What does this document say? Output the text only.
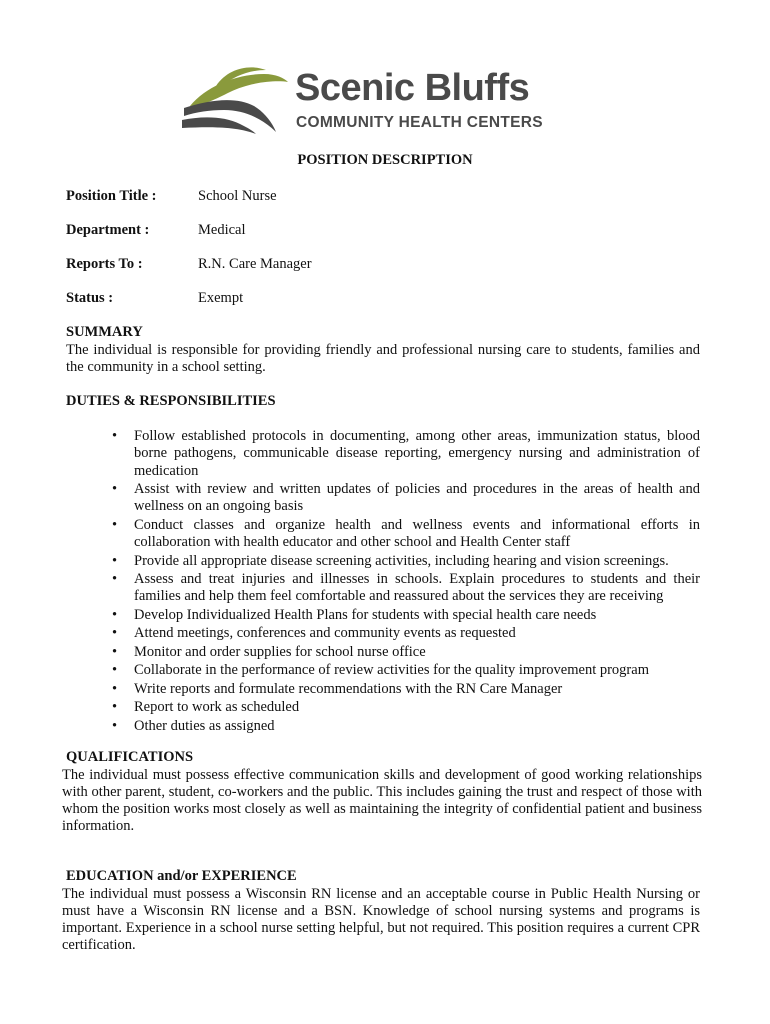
Scenic Bluffs
COMMUNITY HEALTH CENTERS
POSITION DESCRIPTION
Position Title :	School Nurse
Department :	Medical
Reports To :	R.N. Care Manager
Status :	Exempt
SUMMARY
The individual is responsible for providing friendly and professional nursing care to students, families and the community in a school setting.
DUTIES & RESPONSIBILITIES
• Follow established protocols in documenting, among other areas, immunization status, blood borne pathogens, communicable disease reporting, emergency nursing and administration of medication
• Assist with review and written updates of policies and procedures in the areas of health and wellness on an ongoing basis
• Conduct classes and organize health and wellness events and informational efforts in collaboration with health educator and other school and Health Center staff
• Provide all appropriate disease screening activities, including hearing and vision screenings.
• Assess and treat injuries and illnesses in schools. Explain procedures to students and their families and help them feel comfortable and reassured about the services they are receiving
• Develop Individualized Health Plans for students with special health care needs
• Attend meetings, conferences and community events as requested
• Monitor and order supplies for school nurse office
• Collaborate in the performance of review activities for the quality improvement program
• Write reports and formulate recommendations with the RN Care Manager
• Report to work as scheduled
• Other duties as assigned
QUALIFICATIONS
The individual must possess effective communication skills and development of good working relationships with other parent, student, co-workers and the public. This includes gaining the trust and respect of those with whom the position works most closely as well as maintaining the integrity of confidential patient and business information.
EDUCATION and/or EXPERIENCE
The individual must possess a Wisconsin RN license and an acceptable course in Public Health Nursing or must have a Wisconsin RN license and a BSN. Knowledge of school nursing systems and programs is important. Experience in a school nurse setting helpful, but not required. This position requires a current CPR certification.
